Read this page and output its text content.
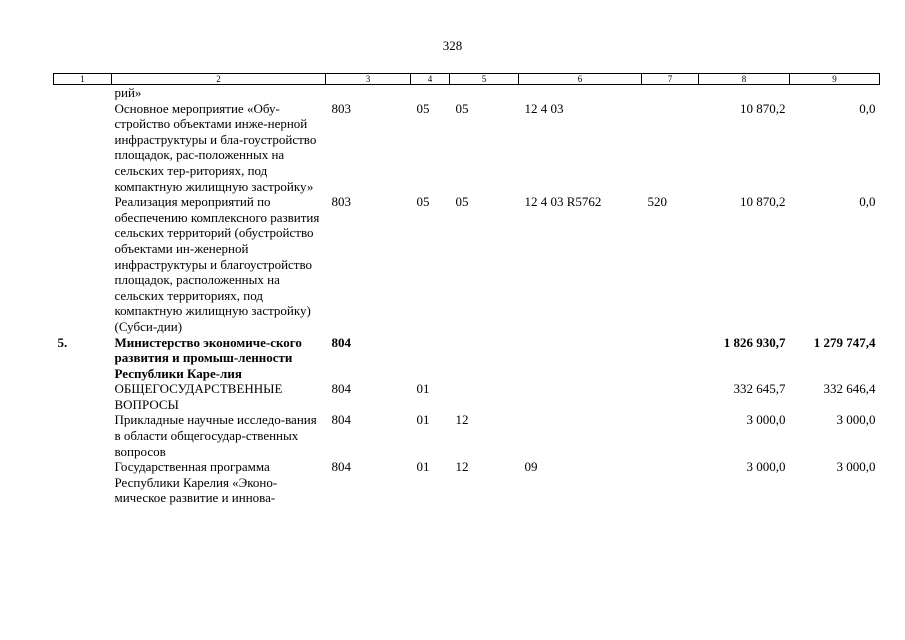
328
1	2	3	4	5	6	7	8	9
	рий»							
	Основное мероприятие «Обу-стройство объектами инже-нерной инфраструктуры и бла-гоустройство площадок, рас-положенных на сельских тер-риториях, под компактную жилищную застройку»	803	05	05	12 4 03		10 870,2	0,0
	Реализация мероприятий по обеспечению комплексного развития сельских территорий (обустройство объектами ин-женерной инфраструктуры и благоустройство площадок, расположенных на сельских территориях, под компактную жилищную застройку) (Субси-дии)	803	05	05	12 4 03 R5762	520	10 870,2	0,0
5.	Министерство экономиче-ского развития и промыш-ленности Республики Каре-лия	804					1 826 930,7	1 279 747,4
	ОБЩЕГОСУДАРСТВЕННЫЕ ВОПРОСЫ	804	01				332 645,7	332 646,4
	Прикладные научные исследо-вания в области общегосудар-ственных вопросов	804	01	12			3 000,0	3 000,0
	Государственная программа Республики Карелия «Эконо-мическое развитие и иннова-	804	01	12	09		3 000,0	3 000,0
